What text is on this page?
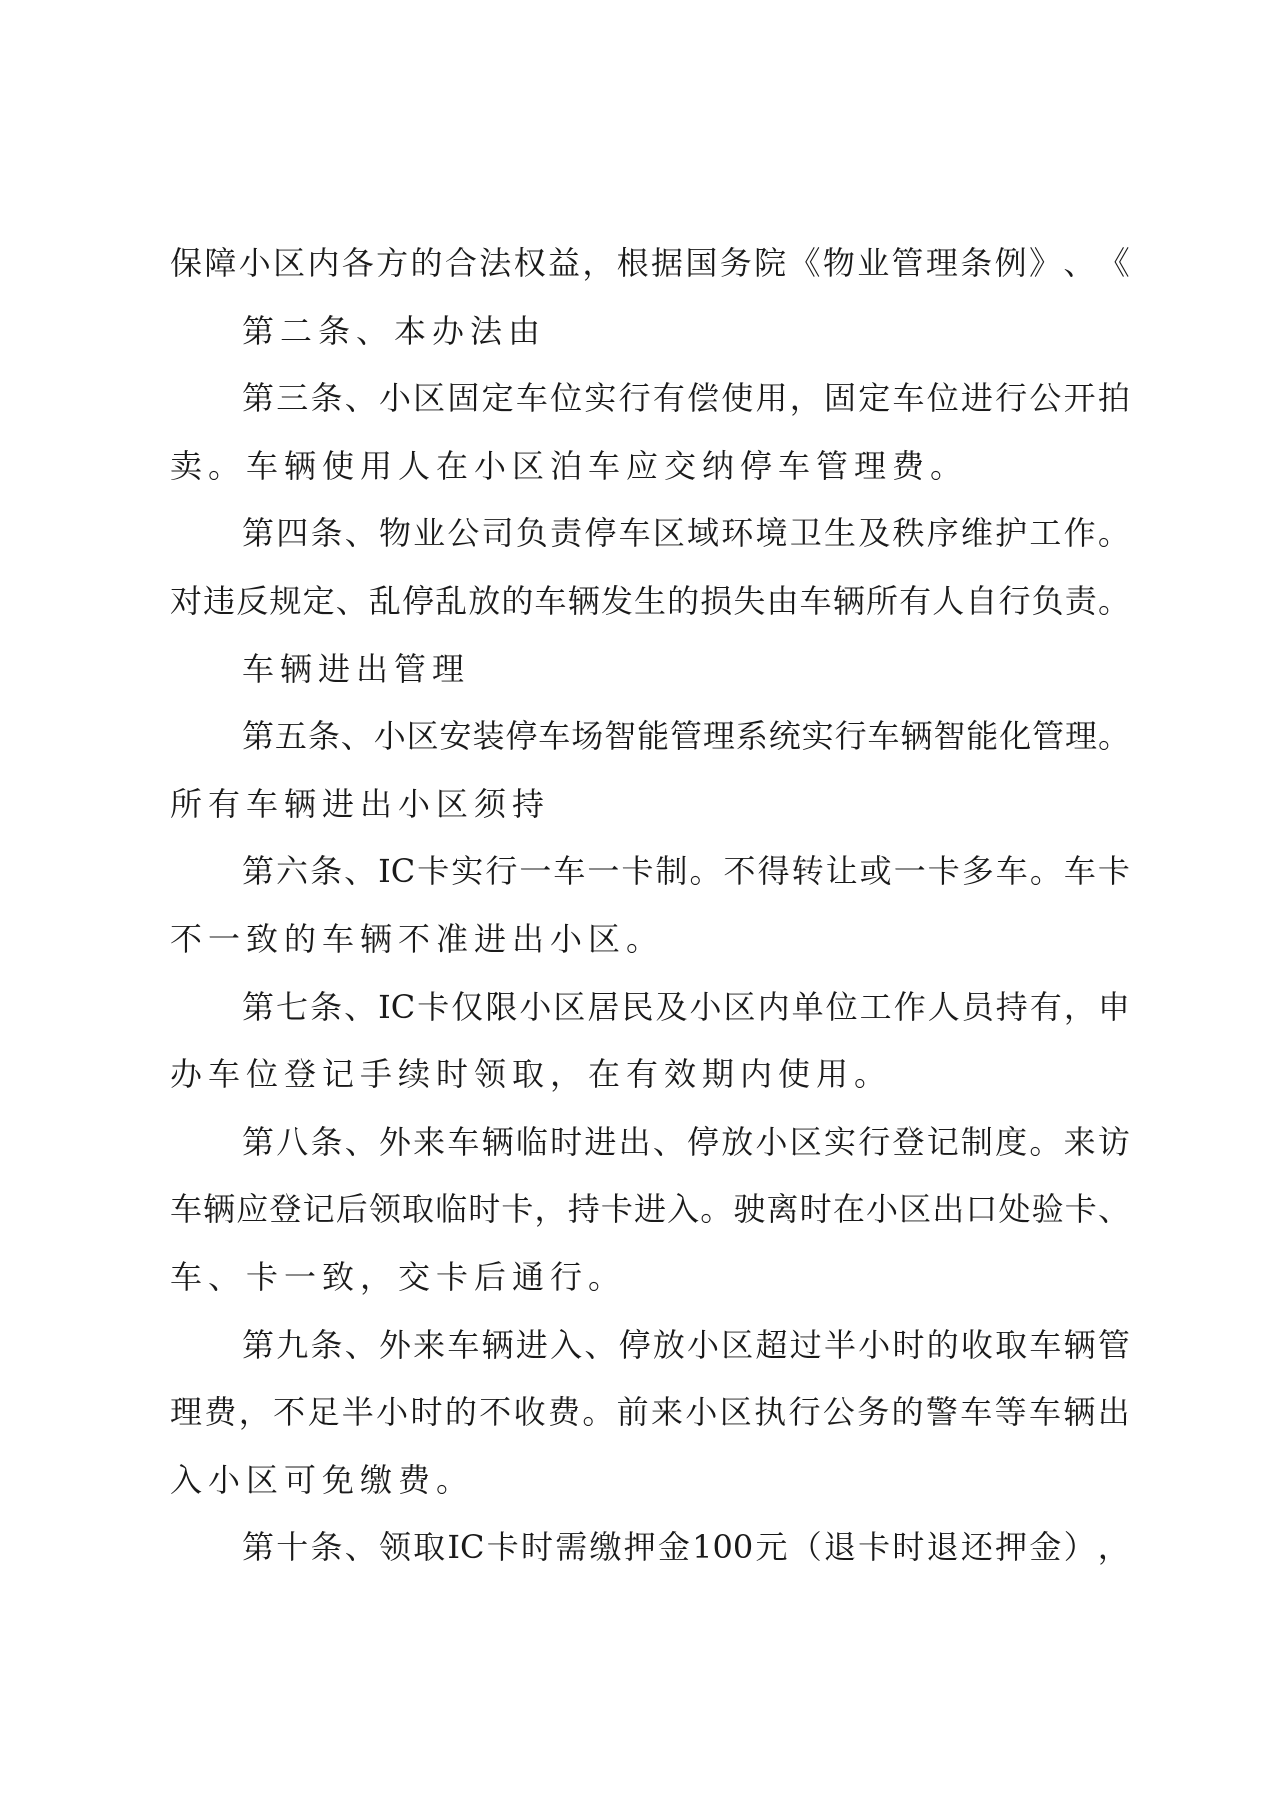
保 障 小 区 内 各 方 的 合 法 权 益 ， 根 据 国 务 院 《 物 业 管 理 条 例 》 、 《
第二条、本办法由
第 三 条 、 小 区 固 定 车 位 实 行 有 偿 使 用 ， 固 定 车 位 进 行 公 开 拍
卖。车辆使用人在小区泊车应交纳停车管理费。
第 四 条 、 物 业 公 司 负 责 停 车 区 域 环 境 卫 生 及 秩 序 维 护 工 作 。
对 违 反 规 定 、 乱 停 乱 放 的 车 辆 发 生 的 损 失 由 车 辆 所 有 人 自 行 负 责 。
车辆进出管理
第 五 条 、 小 区 安 装 停 车 场 智 能 管 理 系 统 实 行 车 辆 智 能 化 管 理 。
所有车辆进出小区须持
第 六 条 、 IC 卡 实 行 一 车 一 卡 制 。 不 得 转 让 或 一 卡 多 车 。 车 卡
不一致的车辆不准进出小区。
第 七 条 、 IC 卡 仅 限 小 区 居 民 及 小 区 内 单 位 工 作 人 员 持 有 ， 申
办车位登记手续时领取，在有效期内使用。
第 八 条 、 外 来 车 辆 临 时 进 出 、 停 放 小 区 实 行 登 记 制 度 。 来 访
车 辆 应 登 记 后 领 取 临 时 卡 ， 持 卡 进 入 。 驶 离 时 在 小 区 出 口 处 验 卡 、
车、卡一致，交卡后通行。
第 九 条 、 外 来 车 辆 进 入 、 停 放 小 区 超 过 半 小 时 的 收 取 车 辆 管
理 费 ， 不 足 半 小 时 的 不 收 费 。 前 来 小 区 执 行 公 务 的 警 车 等 车 辆 出
入小区可免缴费。
第 十 条 、 领 取 IC 卡 时 需 缴 押 金 100 元 （ 退 卡 时 退 还 押 金 ） ，
